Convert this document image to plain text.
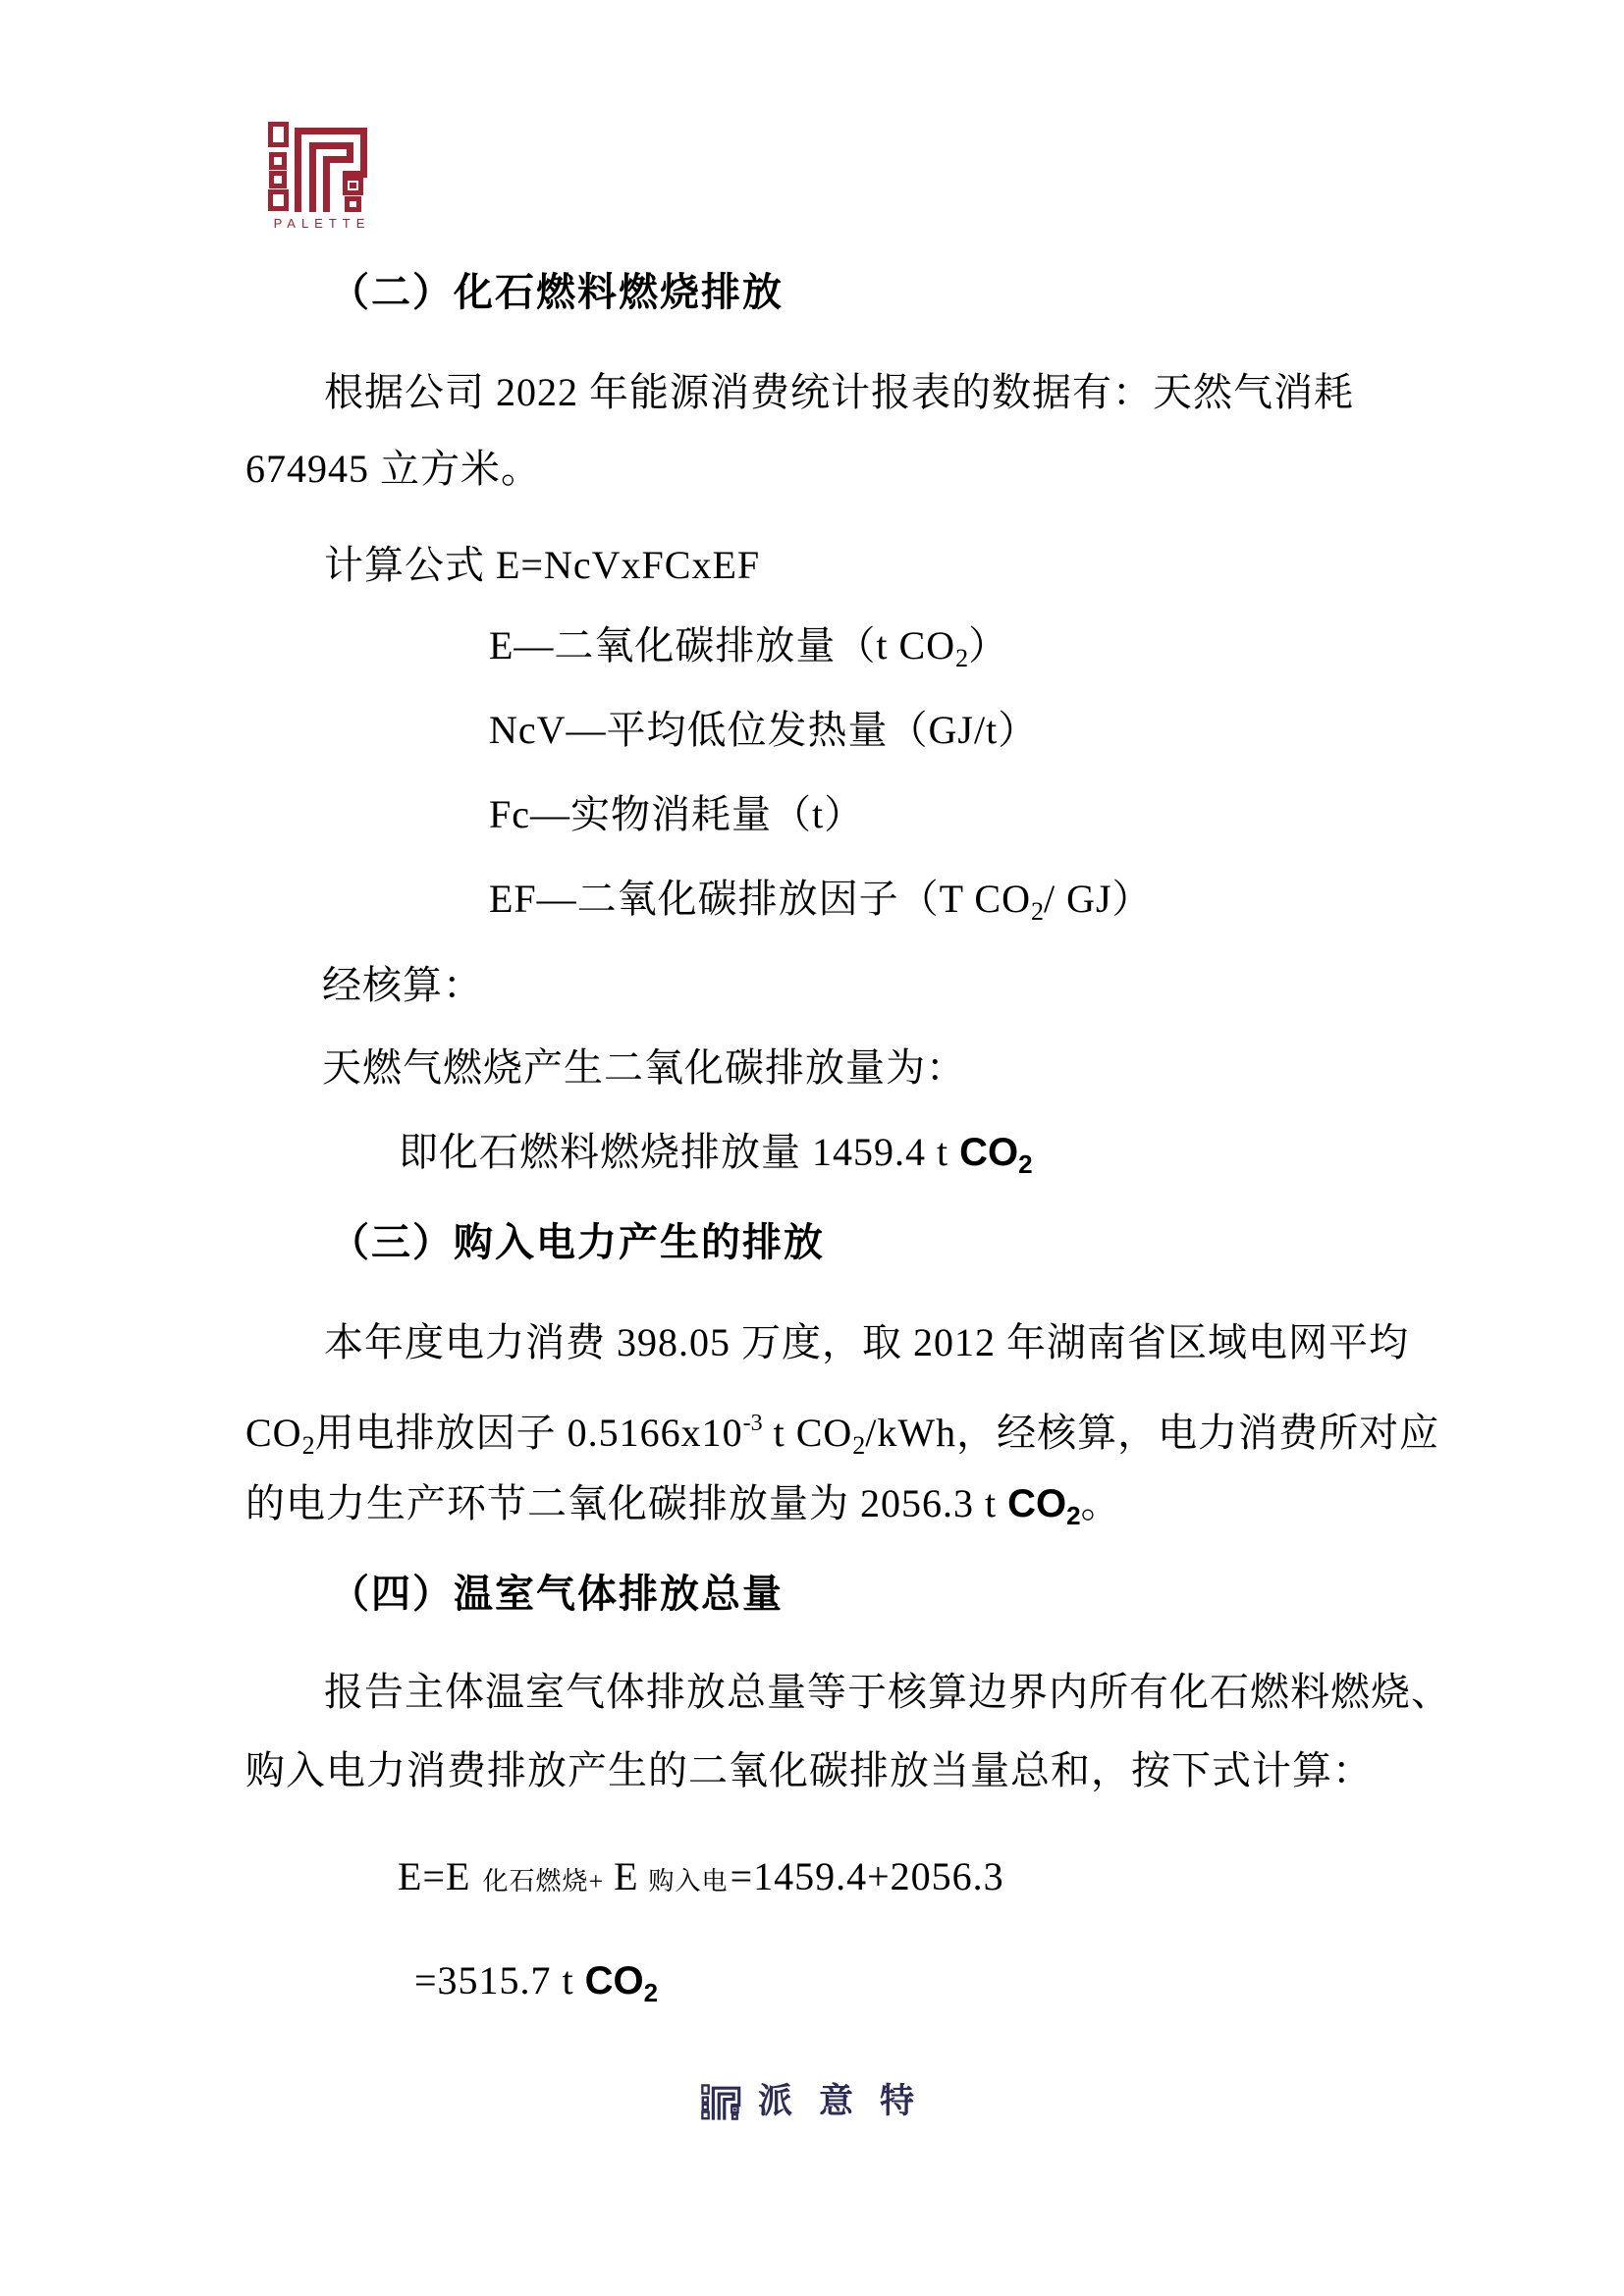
PALETTE
（二）化石燃料燃烧排放
根据公司 2022 年能源消费统计报表的数据有：天然气消耗
674945 立方米。
计算公式 E=NcVxFCxEF
E—二氧化碳排放量（t $CO_2$）
NcV—平均低位发热量（GJ/t）
Fc—实物消耗量（t）
EF—二氧化碳排放因子（T $CO_2/$ GJ）
经核算：
天燃气燃烧产生二氧化碳排放量为：
即化石燃料燃烧排放量 1459.4 t $CO_2$
（三）购入电力产生的排放
本年度电力消费 398.05 万度，取 2012 年湖南省区域电网平均
$CO_2$用电排放因子 $0.5166x10^{-3}$ t $CO_2$/kWh，经核算，电力消费所对应
的电力生产环节二氧化碳排放量为 2056.3 t $CO_2$。
（四）温室气体排放总量
报告主体温室气体排放总量等于核算边界内所有化石燃料燃烧、
购入电力消费排放产生的二氧化碳排放当量总和，按下式计算：
E=E 化石燃烧+ E 购入电=1459.4+2056.3
=3515.7 t $CO_2$
派意特
